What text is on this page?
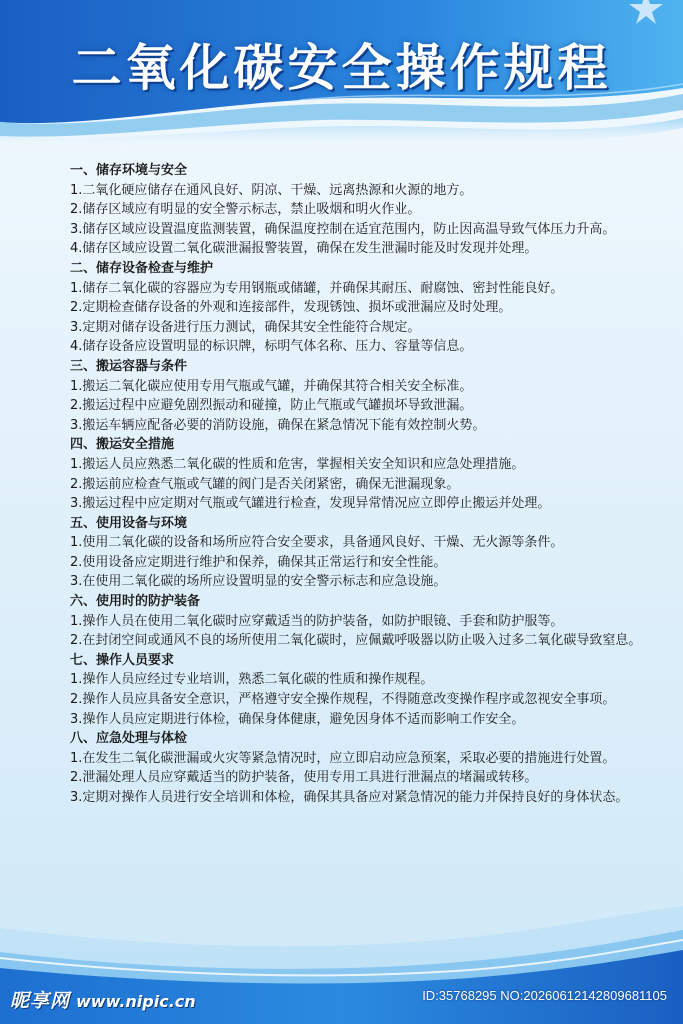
二氧化碳安全操作规程
一、储存环境与安全
1.二氧化硬应储存在通风良好、阴凉、干燥、远离热源和火源的地方。
2.储存区域应有明显的安全警示标志，禁止吸烟和明火作业。
3.储存区域应设置温度监测装置，确保温度控制在适宜范围内，防止因高温导致气体压力升高。
4.储存区域应设置二氧化碳泄漏报警装置，确保在发生泄漏时能及时发现并处理。
二、储存设备检查与维护
1.储存二氧化碳的容器应为专用钢瓶或储罐，并确保其耐压、耐腐蚀、密封性能良好。
2.定期检查储存设备的外观和连接部件，发现锈蚀、损坏或泄漏应及时处理。
3.定期对储存设备进行压力测试，确保其安全性能符合规定。
4.储存设备应设置明显的标识牌，标明气体名称、压力、容量等信息。
三、搬运容器与条件
1.搬运二氧化碳应使用专用气瓶或气罐，并确保其符合相关安全标准。
2.搬运过程中应避免剧烈振动和碰撞，防止气瓶或气罐损坏导致泄漏。
3.搬运车辆应配备必要的消防设施，确保在紧急情况下能有效控制火势。
四、搬运安全措施
1.搬运人员应熟悉二氧化碳的性质和危害，掌握相关安全知识和应急处理措施。
2.搬运前应检查气瓶或气罐的阀门是否关闭紧密，确保无泄漏现象。
3.搬运过程中应定期对气瓶或气罐进行检查，发现异常情况应立即停止搬运并处理。
五、使用设备与环境
1.使用二氧化碳的设备和场所应符合安全要求，具备通风良好、干燥、无火源等条件。
2.使用设备应定期进行维护和保养，确保其正常运行和安全性能。
3.在使用二氧化碳的场所应设置明显的安全警示标志和应急设施。
六、使用时的防护装备
1.操作人员在使用二氧化碳时应穿戴适当的防护装备，如防护眼镜、手套和防护服等。
2.在封闭空间或通风不良的场所使用二氧化碳时，应佩戴呼吸器以防止吸入过多二氧化碳导致窒息。
七、操作人员要求
1.操作人员应经过专业培训，熟悉二氧化碳的性质和操作规程。
2.操作人员应具备安全意识，严格遵守安全操作规程，不得随意改变操作程序或忽视安全事项。
3.操作人员应定期进行体检，确保身体健康，避免因身体不适而影响工作安全。
八、应急处理与体检
1.在发生二氧化碳泄漏或火灾等紧急情况时，应立即启动应急预案，采取必要的措施进行处置。
2.泄漏处理人员应穿戴适当的防护装备，使用专用工具进行泄漏点的堵漏或转移。
3.定期对操作人员进行安全培训和体检，确保其具备应对紧急情况的能力并保持良好的身体状态。
昵享网 www.nipic.cn	ID:35768295 NO:20260612142809681105
